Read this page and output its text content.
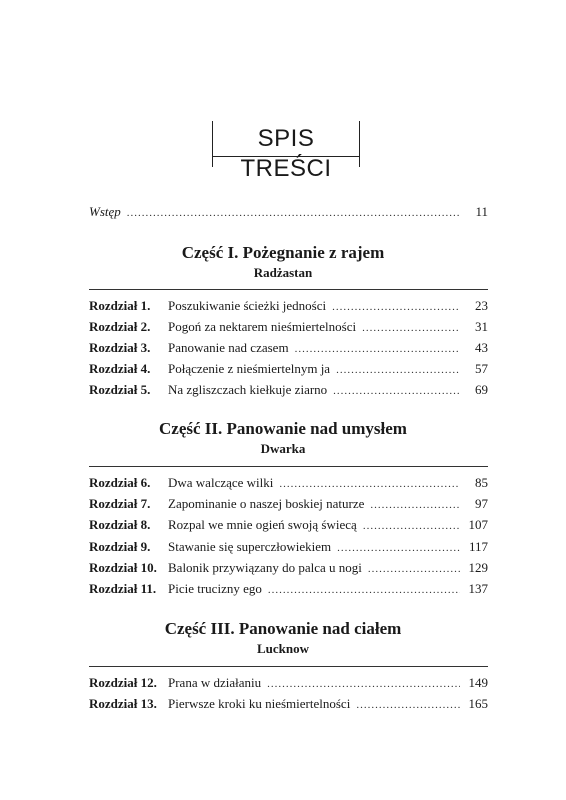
SPIS TREŚCI
Wstęp .....	11
Część I. Pożegnanie z rajem
Radżastan
Rozdział 1.	Poszukiwanie ścieżki jedności .....	23
Rozdział 2.	Pogoń za nektarem nieśmiertelności .....	31
Rozdział 3.	Panowanie nad czasem .....	43
Rozdział 4.	Połączenie z nieśmiertelnym ja .....	57
Rozdział 5.	Na zgliszczach kiełkuje ziarno .....	69
Część II. Panowanie nad umysłem
Dwarka
Rozdział 6.	Dwa walczące wilki .....	85
Rozdział 7.	Zapominanie o naszej boskiej naturze .....	97
Rozdział 8.	Rozpal we mnie ogień swoją świecą .....	107
Rozdział 9.	Stawanie się superczłowiekiem .....	117
Rozdział 10. Balonik przywiązany do palca u nogi .....	129
Rozdział 11. Picie trucizny ego .....	137
Część III. Panowanie nad ciałem
Lucknow
Rozdział 12. Prana w działaniu .....	149
Rozdział 13. Pierwsze kroki ku nieśmiertelności .....	165
